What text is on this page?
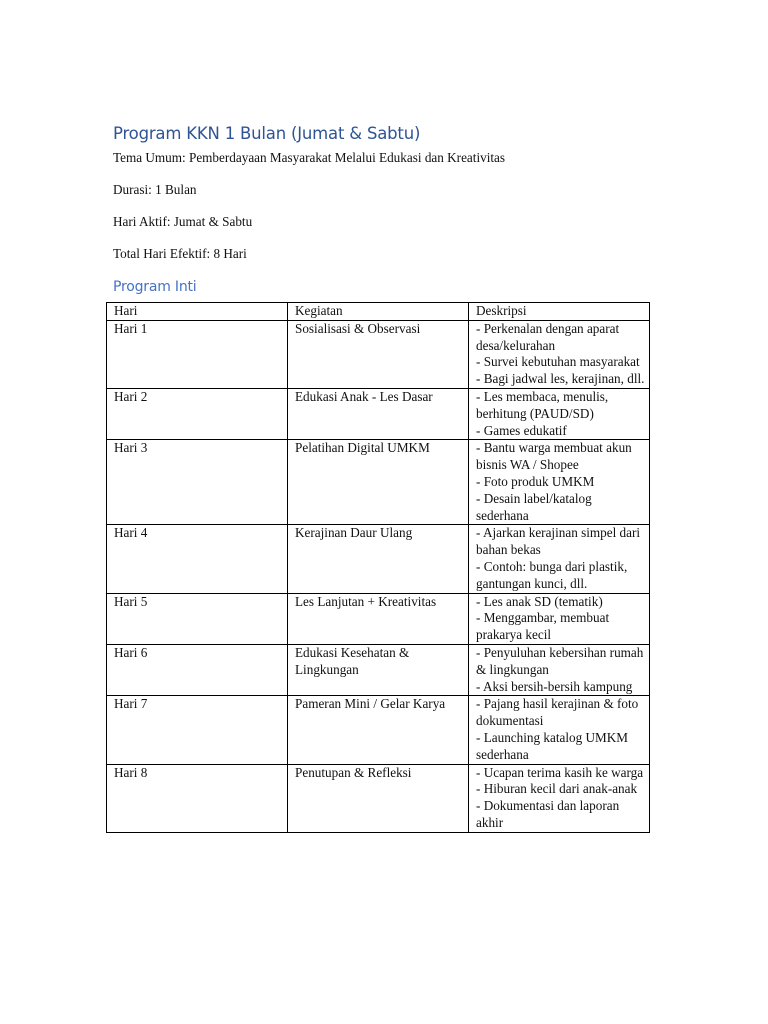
Program KKN 1 Bulan (Jumat & Sabtu)
Tema Umum: Pemberdayaan Masyarakat Melalui Edukasi dan Kreativitas
Durasi: 1 Bulan
Hari Aktif: Jumat & Sabtu
Total Hari Efektif: 8 Hari
Program Inti
Hari	Kegiatan	Deskripsi
Hari 1	Sosialisasi & Observasi	- Perkenalan dengan aparat desa/kelurahan
- Survei kebutuhan masyarakat
- Bagi jadwal les, kerajinan, dll.

Hari 2	Edukasi Anak - Les Dasar	- Les membaca, menulis, berhitung (PAUD/SD)
- Games edukatif

Hari 3	Pelatihan Digital UMKM	- Bantu warga membuat akun bisnis WA / Shopee
- Foto produk UMKM
- Desain label/katalog sederhana

Hari 4	Kerajinan Daur Ulang	- Ajarkan kerajinan simpel dari bahan bekas
- Contoh: bunga dari plastik, gantungan kunci, dll.

Hari 5	Les Lanjutan + Kreativitas	- Les anak SD (tematik)
- Menggambar, membuat prakarya kecil

Hari 6	Edukasi Kesehatan & Lingkungan	- Penyuluhan kebersihan rumah & lingkungan
- Aksi bersih-bersih kampung

Hari 7	Pameran Mini / Gelar Karya	- Pajang hasil kerajinan & foto dokumentasi
- Launching katalog UMKM sederhana

Hari 8	Penutupan & Refleksi	- Ucapan terima kasih ke warga
- Hiburan kecil dari anak-anak
- Dokumentasi dan laporan akhir
